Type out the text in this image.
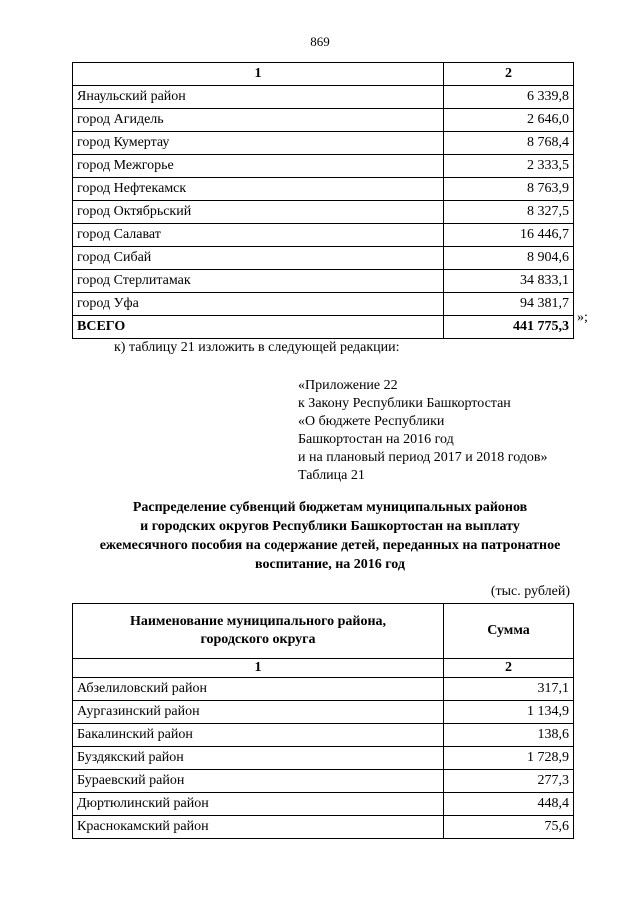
869
1	2
Янаульский район	6 339,8
город Агидель	2 646,0
город Кумертау	8 768,4
город Межгорье	2 333,5
город Нефтекамск	8 763,9
город Октябрьский	8 327,5
город Салават	16 446,7
город Сибай	8 904,6
город Стерлитамак	34 833,1
город Уфа	94 381,7
ВСЕГО	441 775,3
»;
к) таблицу 21 изложить в следующей редакции:
«Приложение 22
к Закону Республики Башкортостан
«О бюджете Республики
Башкортостан на 2016 год
и на плановый период 2017 и 2018 годов»
Таблица 21
Распределение субвенций бюджетам муниципальных районов
и городских округов Республики Башкортостан на выплату
ежемесячного пособия на содержание детей, переданных на патронатное
воспитание, на 2016 год
(тыс. рублей)
Наименование муниципального района,
городского округа	Сумма
1	2
Абзелиловский район	317,1
Аургазинский район	1 134,9
Бакалинский район	138,6
Буздякский район	1 728,9
Бураевский район	277,3
Дюртюлинский район	448,4
Краснокамский район	75,6
